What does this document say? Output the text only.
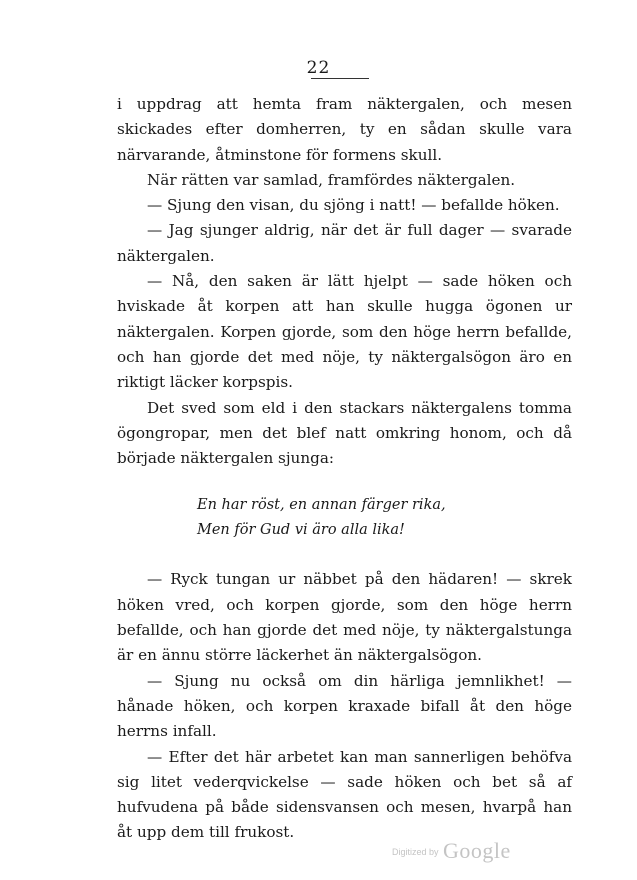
22

i uppdrag att hemta fram näktergalen, och mesen skickades efter domherren, ty en sådan skulle vara närvarande, åtminstone för formens skull.

När rätten var samlad, framfördes näktergalen.

— Sjung den visan, du sjöng i natt! — befallde höken.

— Jag sjunger aldrig, när det är full dager — svarade näktergalen.

— Nå, den saken är lätt hjelpt — sade höken och hviskade åt korpen att han skulle hugga ögonen ur näktergalen. Korpen gjorde, som den höge herrn befallde, och han gjorde det med nöje, ty näktergalsögon äro en riktigt läcker korpspis.

Det sved som eld i den stackars näktergalens tomma ögongropar, men det blef natt omkring honom, och då började näktergalen sjunga:

En har röst, en annan färger rika,
Men för Gud vi äro alla lika!

— Ryck tungan ur näbbet på den hädaren! — skrek höken vred, och korpen gjorde, som den höge herrn befallde, och han gjorde det med nöje, ty näktergalstunga är en ännu större läckerhet än näktergalsögon.

— Sjung nu också om din härliga jemnlikhet! — hånade höken, och korpen kraxade bifall åt den höge herrns infall.

— Efter det här arbetet kan man sannerligen behöfva sig litet vederqvickelse — sade höken och bet så af hufvudena på både sidensvansen och mesen, hvarpå han åt upp dem till frukost.

Digitized by Google
